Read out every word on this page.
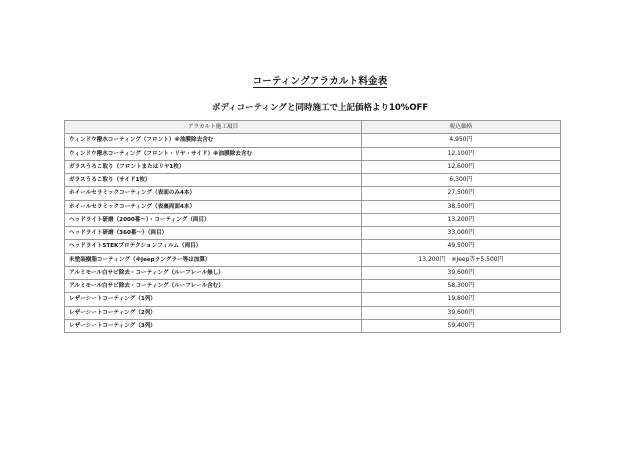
コーティングアラカルト料金表
ボディコーティングと同時施工で上記価格より10%OFF
アラカルト施工項目	税込価格
ウィンドウ撥水コーティング（フロント）※油膜除去含む	4,950円
ウィンドウ撥水コーティング（フロント・リヤ・サイド）※油膜除去含む	12,100円
ガラスうろこ取り（フロントまたはリヤ1枚）	12,600円
ガラスうろこ取り（サイド1枚）	6,300円
ホイールセラミックコーティング（表面のみ4本）	27,500円
ホイールセラミックコーティング（表裏両面4本）	38,500円
ヘッドライト研磨（2000番〜）・コーティング（両目）	13,200円
ヘッドライト研磨（360番〜）（両目）	33,000円
ヘッドライトSTEKプロテクションフィルム（両目）	49,500円
未塗装樹脂コーティング（※Jeepラングラー等は加算）	13,200円　※Jeep等+5,500円
アルミモール白サビ除去・コーティング（ルーフレール無し）	39,600円
アルミモール白サビ除去・コーティング（ルーフレール含む）	58,300円
レザーシートコーティング（1列）	19,800円
レザーシートコーティング（2列）	39,600円
レザーシートコーティング（3列）	59,400円
